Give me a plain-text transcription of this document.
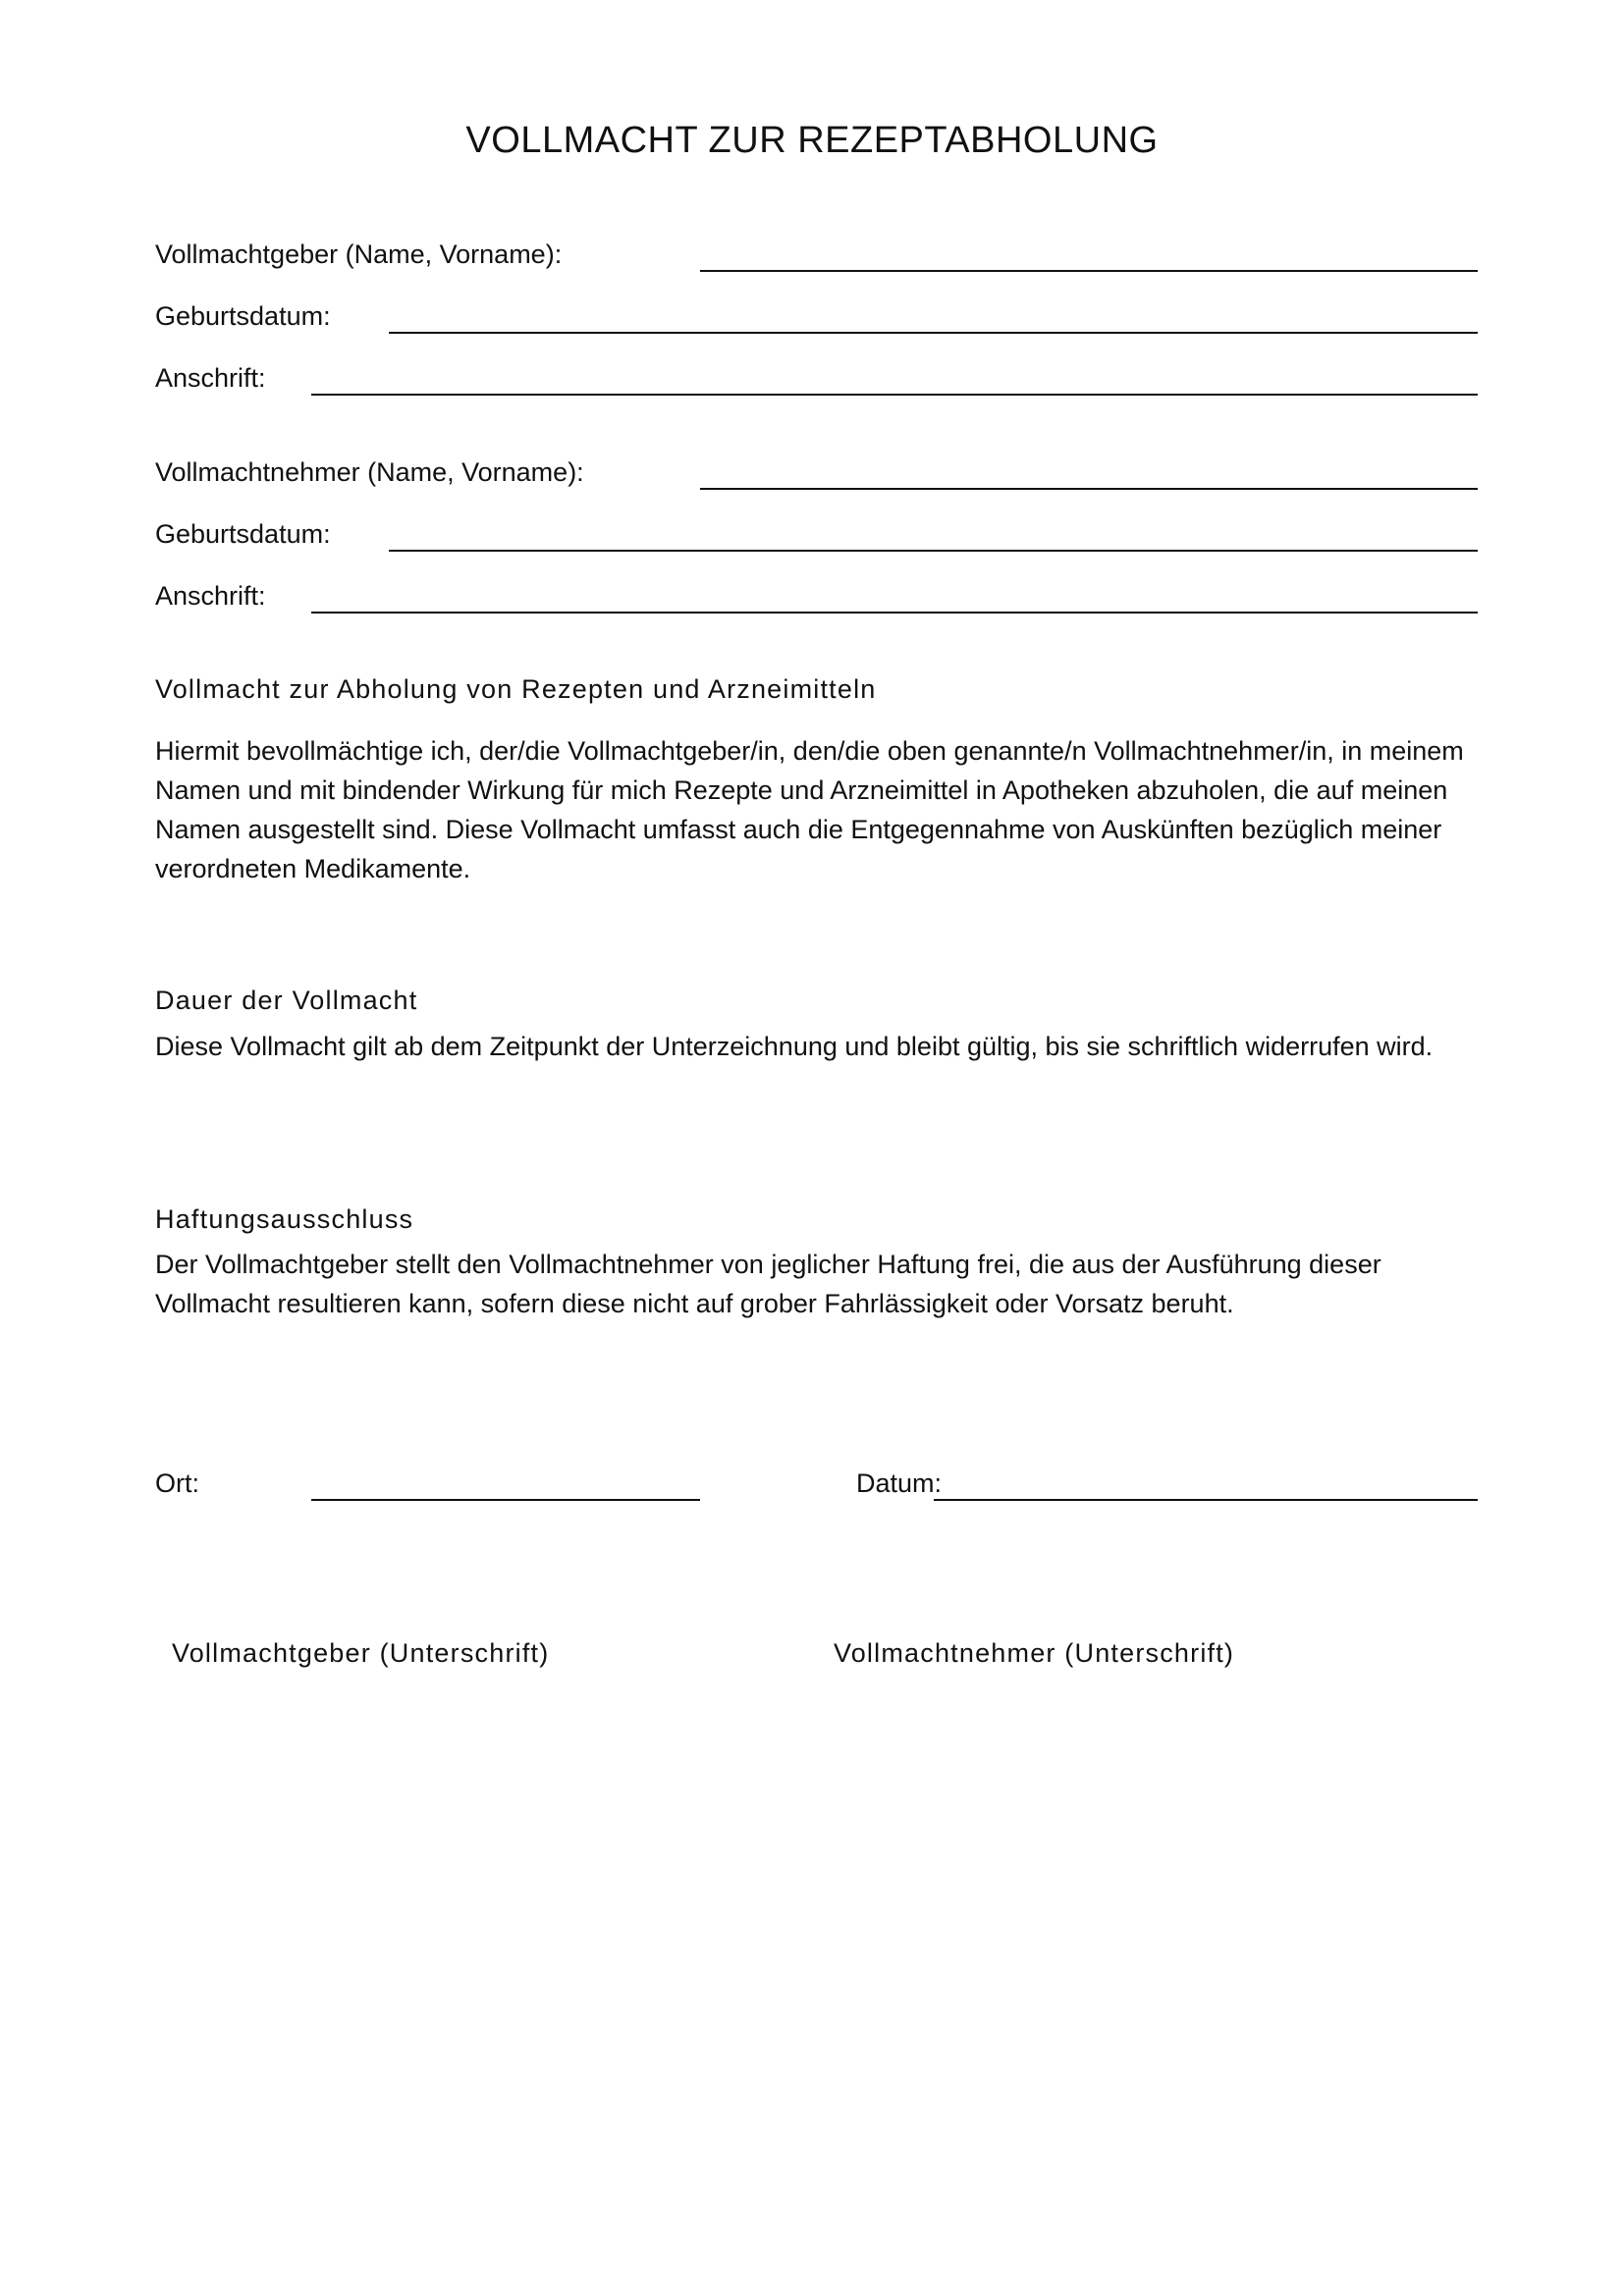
VOLLMACHT ZUR REZEPTABHOLUNG
Vollmachtgeber (Name, Vorname):
Geburtsdatum:
Anschrift:
Vollmachtnehmer (Name, Vorname):
Geburtsdatum:
Anschrift:
Vollmacht zur Abholung von Rezepten und Arzneimitteln
Hiermit bevollmächtige ich, der/die Vollmachtgeber/in, den/die oben genannte/n Vollmachtnehmer/in, in meinem Namen und mit bindender Wirkung für mich Rezepte und Arzneimittel in Apotheken abzuholen, die auf meinen Namen ausgestellt sind. Diese Vollmacht umfasst auch die Entgegennahme von Auskünften bezüglich meiner verordneten Medikamente.
Dauer der Vollmacht
Diese Vollmacht gilt ab dem Zeitpunkt der Unterzeichnung und bleibt gültig, bis sie schriftlich widerrufen wird.
Haftungsausschluss
Der Vollmachtgeber stellt den Vollmachtnehmer von jeglicher Haftung frei, die aus der Ausführung dieser Vollmacht resultieren kann, sofern diese nicht auf grober Fahrlässigkeit oder Vorsatz beruht.
Ort:	Datum:
Vollmachtgeber (Unterschrift)	Vollmachtnehmer (Unterschrift)
